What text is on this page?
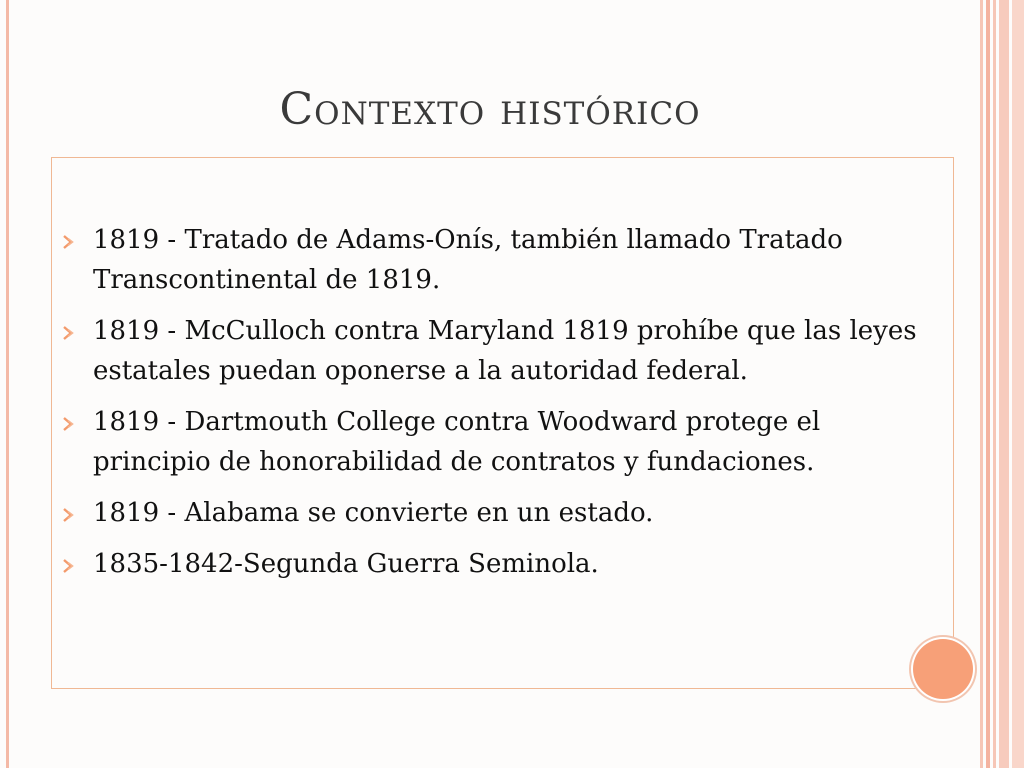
Contexto histórico
1819 - Tratado de Adams-Onís, también llamado Tratado Transcontinental de 1819.
1819 - McCulloch contra Maryland 1819 prohíbe que las leyes estatales puedan oponerse a la autoridad federal.
1819 - Dartmouth College contra Woodward protege el principio de honorabilidad de contratos y fundaciones.
1819 - Alabama se convierte en un estado.
1835-1842-Segunda Guerra Seminola.
